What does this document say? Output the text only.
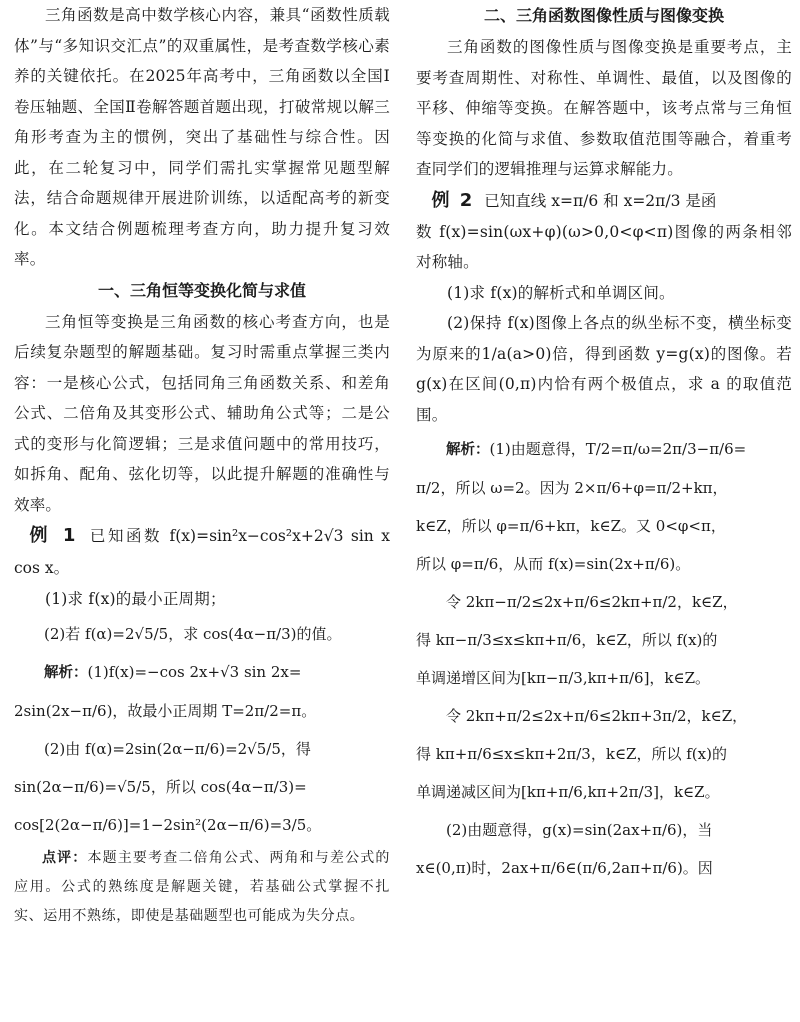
三角函数是高中数学核心内容，兼具“函数性质载体”与“多知识交汇点”的双重属性，是考查数学核心素养的关键依托。在2025年高考中，三角函数以全国Ⅰ卷压轴题、全国Ⅱ卷解答题首题出现，打破常规以解三角形考查为主的惯例，突出了基础性与综合性。因此，在二轮复习中，同学们需扎实掌握常见题型解法，结合命题规律开展进阶训练，以适配高考的新变化。本文结合例题梳理考查方向，助力提升复习效率。

一、三角恒等变换化简与求值

三角恒等变换是三角函数的核心考查方向，也是后续复杂题型的解题基础。复习时需重点掌握三类内容：一是核心公式，包括同角三角函数关系、和差角公式、二倍角及其变形公式、辅助角公式等；二是公式的变形与化简逻辑；三是求值问题中的常用技巧，如拆角、配角、弦化切等，以此提升解题的准确性与效率。

例 1 已知函数 f(x)=sin²x−cos²x+2√3 sin x cos x。

(1)求 f(x)的最小正周期；

(2)若 f(α)=2√5/5，求 cos(4α−π/3)的值。

解析：(1)f(x)=−cos 2x+√3 sin 2x=

2sin(2x−π/6)，故最小正周期 T=2π/2=π。

(2)由 f(α)=2sin(2α−π/6)=2√5/5，得

sin(2α−π/6)=√5/5，所以 cos(4α−π/3)=

cos[2(2α−π/6)]=1−2sin²(2α−π/6)=3/5。

点评：本题主要考查二倍角公式、两角和与差公式的应用。公式的熟练度是解题关键，若基础公式掌握不扎实、运用不熟练，即使是基础题型也可能成为失分点。
二、三角函数图像性质与图像变换

三角函数的图像性质与图像变换是重要考点，主要考查周期性、对称性、单调性、最值，以及图像的平移、伸缩等变换。在解答题中，该考点常与三角恒等变换的化简与求值、参数取值范围等融合，着重考查同学们的逻辑推理与运算求解能力。

例 2 已知直线 x=π/6 和 x=2π/3 是函

数 f(x)=sin(ωx+φ)(ω>0,0<φ<π)图像的两条相邻对称轴。

(1)求 f(x)的解析式和单调区间。

(2)保持 f(x)图像上各点的纵坐标不变，横坐标变为原来的1/a(a>0)倍，得到函数 y=g(x)的图像。若 g(x)在区间(0,π)内恰有两个极值点，求 a 的取值范围。

解析：(1)由题意得，T/2=π/ω=2π/3−π/6=

π/2，所以 ω=2。因为 2×π/6+φ=π/2+kπ，

k∈Z，所以 φ=π/6+kπ，k∈Z。又 0<φ<π，

所以 φ=π/6，从而 f(x)=sin(2x+π/6)。

令 2kπ−π/2≤2x+π/6≤2kπ+π/2，k∈Z，

得 kπ−π/3≤x≤kπ+π/6，k∈Z，所以 f(x)的

单调递增区间为[kπ−π/3,kπ+π/6]，k∈Z。

令 2kπ+π/2≤2x+π/6≤2kπ+3π/2，k∈Z，

得 kπ+π/6≤x≤kπ+2π/3，k∈Z，所以 f(x)的

单调递减区间为[kπ+π/6,kπ+2π/3]，k∈Z。

(2)由题意得，g(x)=sin(2ax+π/6)，当

x∈(0,π)时，2ax+π/6∈(π/6,2aπ+π/6)。因
